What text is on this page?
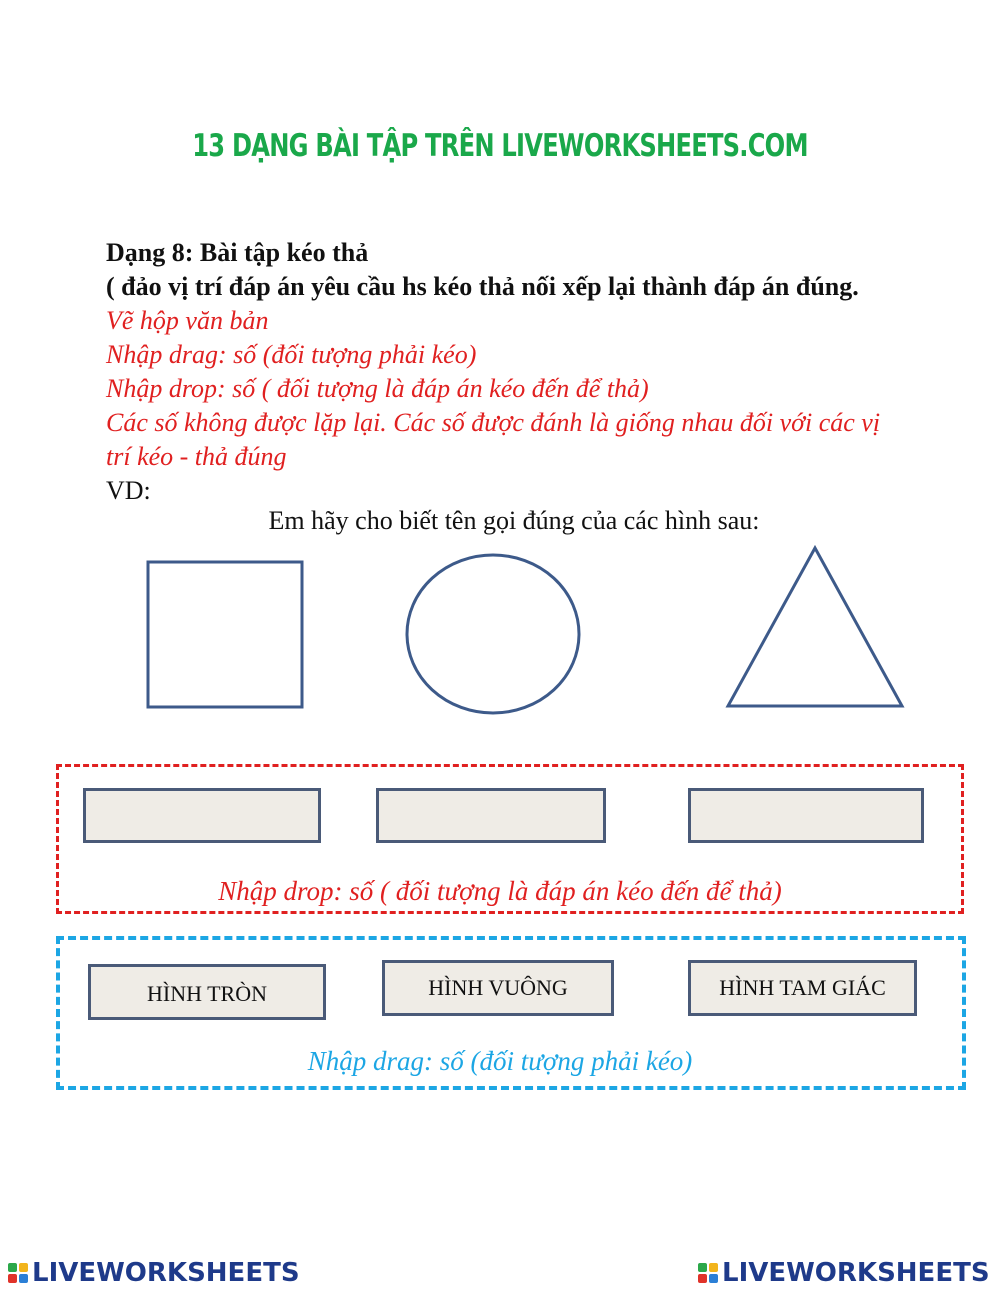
13 DẠNG BÀI TẬP TRÊN LIVEWORKSHEETS.COM
Dạng 8: Bài tập kéo thả
( đảo vị trí đáp án yêu cầu hs kéo thả nối xếp lại thành đáp án đúng.
Vẽ hộp văn bản
Nhập drag: số (đối tượng phải kéo)
Nhập drop: số ( đối tượng là đáp án kéo đến để thả)
Các số không được lặp lại. Các số được đánh là giống nhau đối với các vị
trí kéo - thả đúng
VD:
Em hãy cho biết tên gọi đúng của các hình sau:
Nhập drop: số ( đối tượng là đáp án kéo đến để thả)
HÌNH TRÒN	HÌNH VUÔNG	HÌNH TAM GIÁC
Nhập drag: số (đối tượng phải kéo)
LIVEWORKSHEETS	LIVEWORKSHEETS
